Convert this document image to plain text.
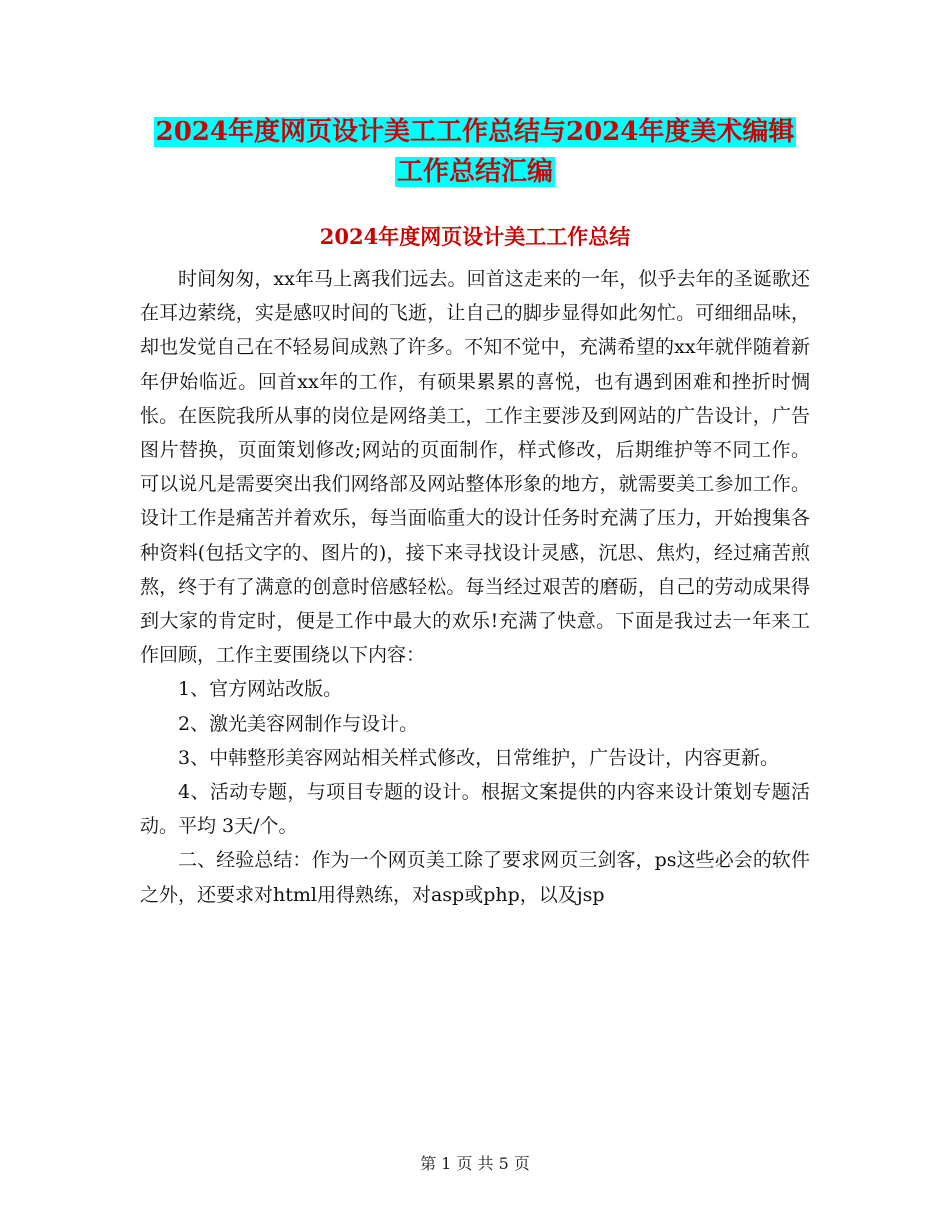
2024年度网页设计美工工作总结与2024年度美术编辑
工作总结汇编
2024年度网页设计美工工作总结

时间匆匆，xx年马上离我们远去。回首这走来的一年，似乎去年的圣诞歌还在耳边萦绕，实是感叹时间的飞逝，让自己的脚步显得如此匆忙。可细细品味，却也发觉自己在不轻易间成熟了许多。不知不觉中，充满希望的xx年就伴随着新年伊始临近。回首xx年的工作，有硕果累累的喜悦，也有遇到困难和挫折时惆怅。在医院我所从事的岗位是网络美工，工作主要涉及到网站的广告设计，广告图片替换，页面策划修改;网站的页面制作，样式修改，后期维护等不同工作。可以说凡是需要突出我们网络部及网站整体形象的地方，就需要美工参加工作。设计工作是痛苦并着欢乐，每当面临重大的设计任务时充满了压力，开始搜集各种资料(包括文字的、图片的)，接下来寻找设计灵感，沉思、焦灼，经过痛苦煎熬，终于有了满意的创意时倍感轻松。每当经过艰苦的磨砺，自己的劳动成果得到大家的肯定时，便是工作中最大的欢乐!充满了快意。下面是我过去一年来工作回顾，工作主要围绕以下内容：

1、官方网站改版。

2、激光美容网制作与设计。

3、中韩整形美容网站相关样式修改，日常维护，广告设计，内容更新。

4、活动专题，与项目专题的设计。根据文案提供的内容来设计策划专题活动。平均 3天/个。

二、经验总结：作为一个网页美工除了要求网页三剑客，ps这些必会的软件之外，还要求对html用得熟练，对asp或php，以及jsp

第 1 页 共 5 页
